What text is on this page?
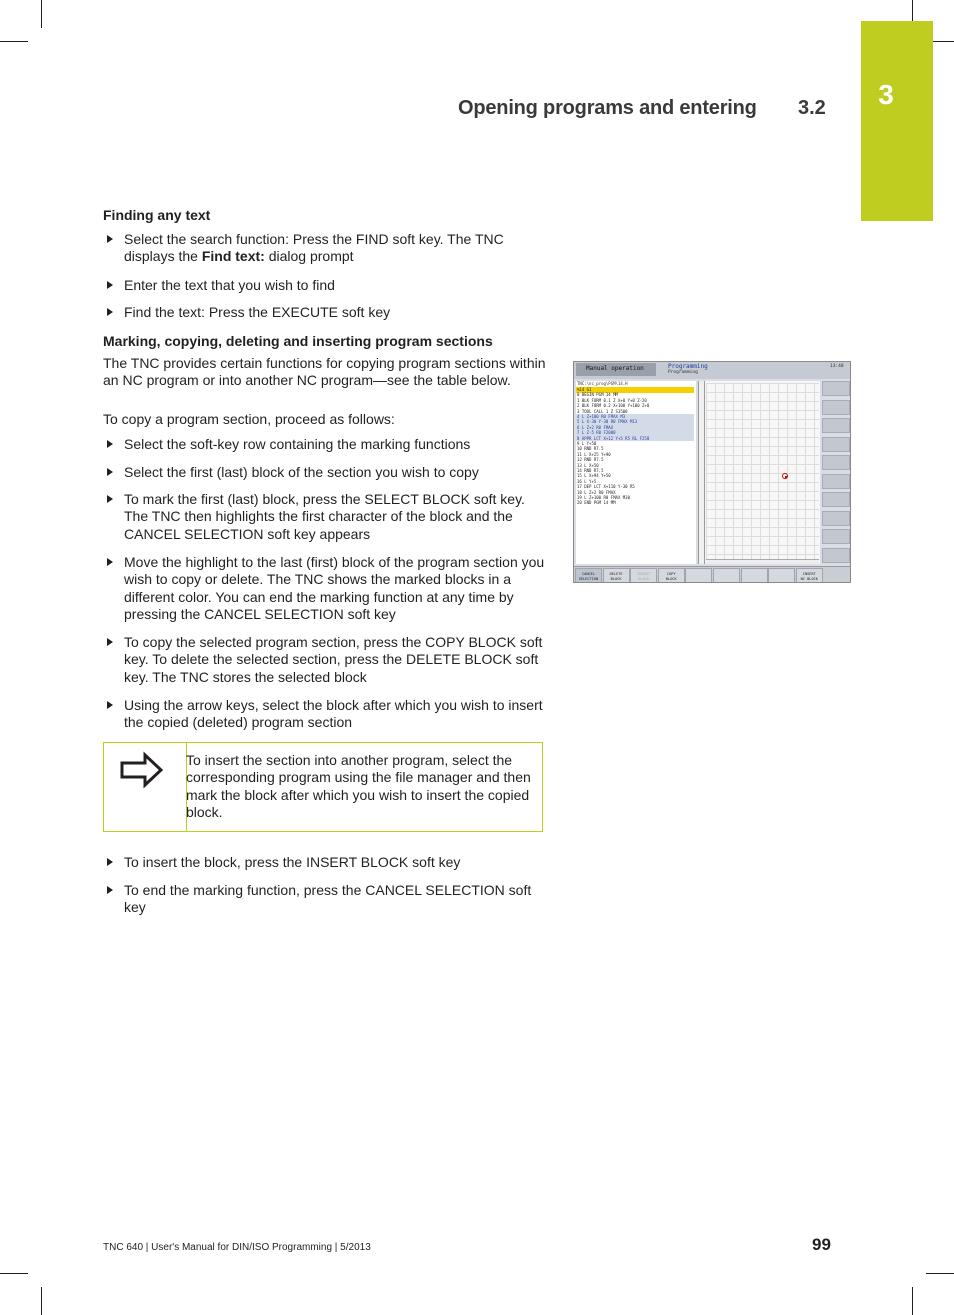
3
Opening programs and entering 3.2
Finding any text
Select the search function: Press the FIND soft key. The TNC displays the Find text: dialog prompt
Enter the text that you wish to find
Find the text: Press the EXECUTE soft key
Marking, copying, deleting and inserting program sections
The TNC provides certain functions for copying program sections within an NC program or into another NC program—see the table below.
To copy a program section, proceed as follows:
Select the soft-key row containing the marking functions
Select the first (last) block of the section you wish to copy
To mark the first (last) block, press the SELECT BLOCK soft key. The TNC then highlights the first character of the block and the CANCEL SELECTION soft key appears
Move the highlight to the last (first) block of the program section you wish to copy or delete. The TNC shows the marked blocks in a different color. You can end the marking function at any time by pressing the CANCEL SELECTION soft key
To copy the selected program section, press the COPY BLOCK soft key. To delete the selected section, press the DELETE BLOCK soft key. The TNC stores the selected block
Using the arrow keys, select the block after which you wish to insert the copied (deleted) program section
To insert the section into another program, select the corresponding program using the file manager and then mark the block after which you wish to insert the copied block.
To insert the block, press the INSERT BLOCK soft key
To end the marking function, press the CANCEL SELECTION soft key
Manual operation	Programming
Programming
13:40
TNC:\nc_prog\PGM\14.H
%14 G1
0 BEGIN PGM 14 MM
1 BLK FORM 0.1 Z X+0 Y+0 Z-20
2 BLK FORM 0.2 X+100 Y+100 Z+0
3 TOOL CALL 1 Z S3500
4 L Z+100 R0 FMAX M3
5 L X-30 Y-30 R0 FMAX M13
6 L Z+2 R0 FMAX
7 L Z-5 R0 F2000
8 APPR LCT X+12 Y+5 R5 RL F250
9 L Y+50
10 RND R7.5
11 L X+25 Y+90
12 RND R7.5
13 L X+50
14 RND R7.5
15 L X+94 Y+50
16 L Y+5
17 DEP LCT X+110 Y-30 R5
18 L Z+2 R0 FMAX
19 L Z+100 R0 FMAX M30
20 END PGM 14 MM
CANCEL
SELECTION
DELETE
BLOCK
INSERT
BLOCK
COPY
BLOCK
INSERT
NC BLOCK
TNC 640 | User's Manual for DIN/ISO Programming | 5/2013	99
